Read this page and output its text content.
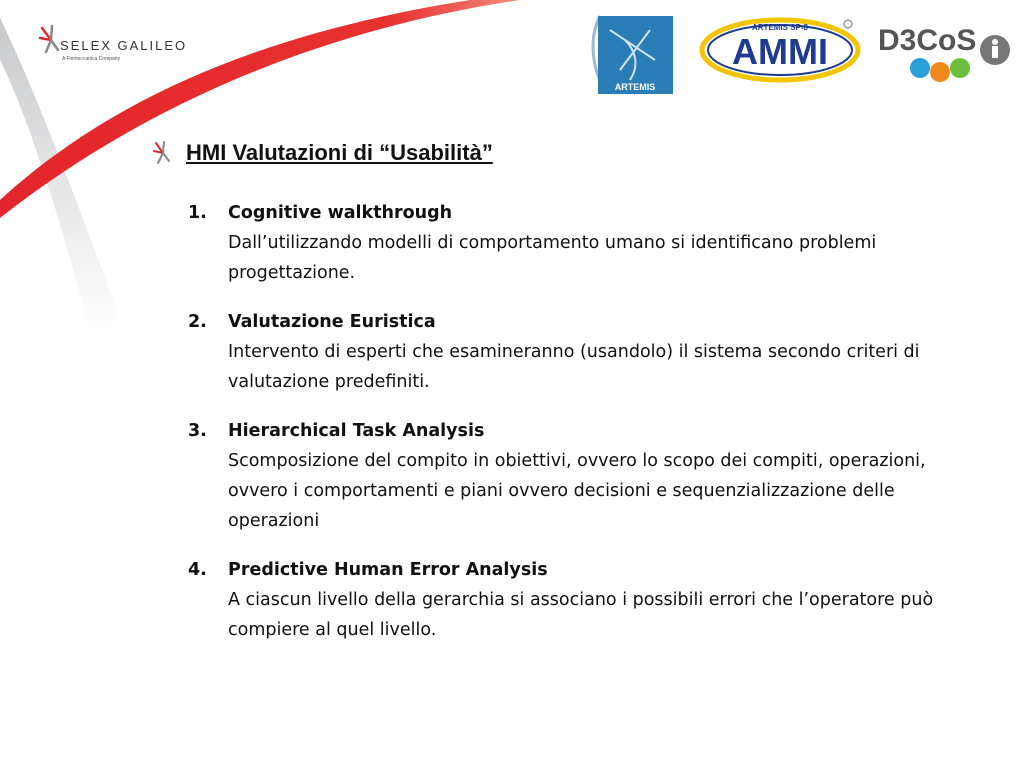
SELEX GALILEO
A Finmeccanica Company
ARTEMIS
AMMI
ARTEMIS SP-8 D3CoS
HMI Valutazioni di “Usabilità”
1.	Cognitive walkthrough
Dall’utilizzando modelli di comportamento umano si identificano problemi progettazione.
2.	Valutazione Euristica
Intervento di esperti che esamineranno (usandolo) il sistema secondo criteri di valutazione predefiniti.
3.	Hierarchical Task Analysis
Scomposizione del compito in obiettivi, ovvero lo scopo dei compiti, operazioni, ovvero i comportamenti e piani ovvero decisioni e sequenzializzazione delle operazioni
4.	Predictive Human Error Analysis
A ciascun livello della gerarchia si associano i possibili errori che l’operatore può compiere al quel livello.
